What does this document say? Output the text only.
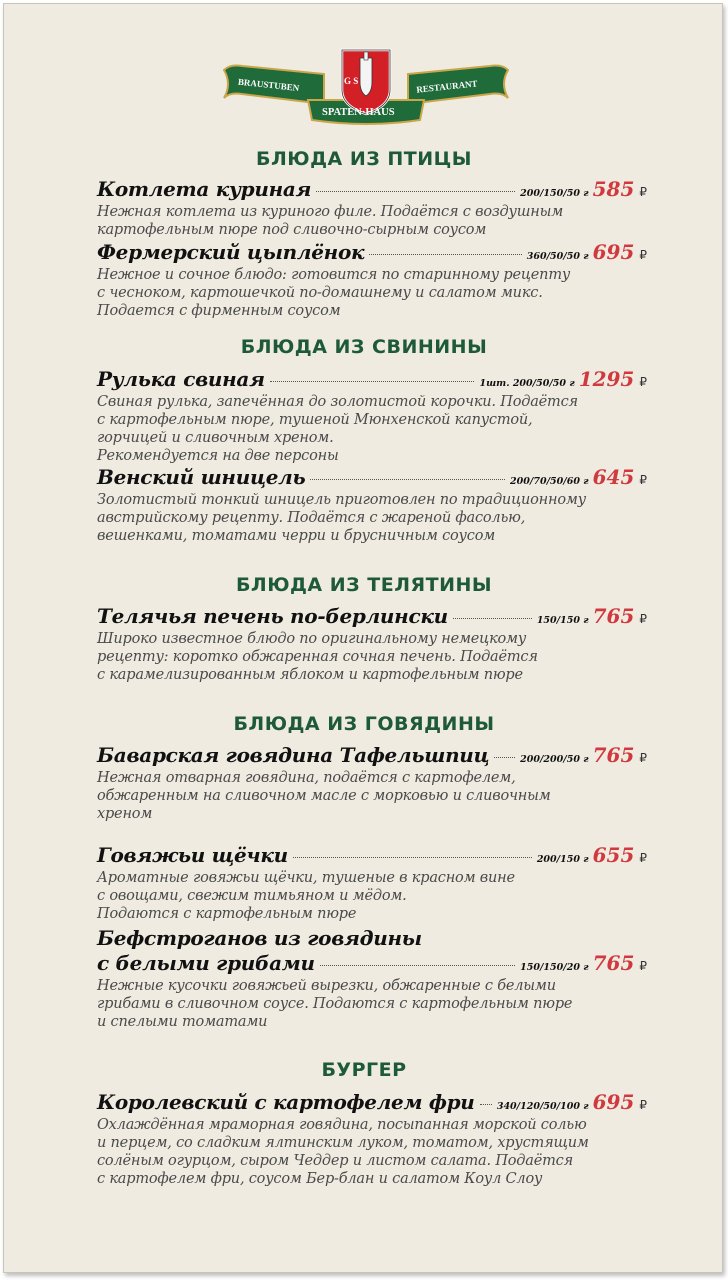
G S
BRAUSTUBEN	RESTAURANT
SPATEN·HAUS
БЛЮДА ИЗ ПТИЦЫ
Котлета куриная	200/150/50 г 585 ₽
Нежная котлета из куриного филе. Подаётся с воздушным
картофельным пюре под сливочно-сырным соусом
Фермерский цыплёнок	360/50/50 г 695 ₽
Нежное и сочное блюдо: готовится по старинному рецепту
с чесноком, картошечкой по-домашнему и салатом микс.
Подается с фирменным соусом
БЛЮДА ИЗ СВИНИНЫ
Рулька свиная	1шт. 200/50/50 г 1295 ₽
Свиная рулька, запечённая до золотистой корочки. Подаётся
с картофельным пюре, тушеной Мюнхенской капустой,
горчицей и сливочным хреном.
Рекомендуется на две персоны
Венский шницель	200/70/50/60 г 645 ₽
Золотистый тонкий шницель приготовлен по традиционному
австрийскому рецепту. Подаётся с жареной фасолью,
вешенками, томатами черри и брусничным соусом
БЛЮДА ИЗ ТЕЛЯТИНЫ
Телячья печень по-берлински	150/150 г 765 ₽
Широко известное блюдо по оригинальному немецкому
рецепту: коротко обжаренная сочная печень. Подаётся
с карамелизированным яблоком и картофельным пюре
БЛЮДА ИЗ ГОВЯДИНЫ
Баварская говядина Тафельшпиц	200/200/50 г 765 ₽
Нежная отварная говядина, подаётся с картофелем,
обжаренным на сливочном масле с морковью и сливочным
хреном
Говяжьи щёчки	200/150 г 655 ₽
Ароматные говяжьи щёчки, тушеные в красном вине
с овощами, свежим тимьяном и мёдом.
Подаются с картофельным пюре
Бефстроганов из говядины
с белыми грибами	150/150/20 г 765 ₽
Нежные кусочки говяжьей вырезки, обжаренные с белыми
грибами в сливочном соусе. Подаются с картофельным пюре
и спелыми томатами
БУРГЕР
Королевский с картофелем фри 340/120/50/100 г 695 ₽
Охлаждённая мраморная говядина, посыпанная морской солью
и перцем, со сладким ялтинским луком, томатом, хрустящим
солёным огурцом, сыром Чеддер и листом салата. Подаётся
с картофелем фри, соусом Бер-блан и салатом Коул Слоу
